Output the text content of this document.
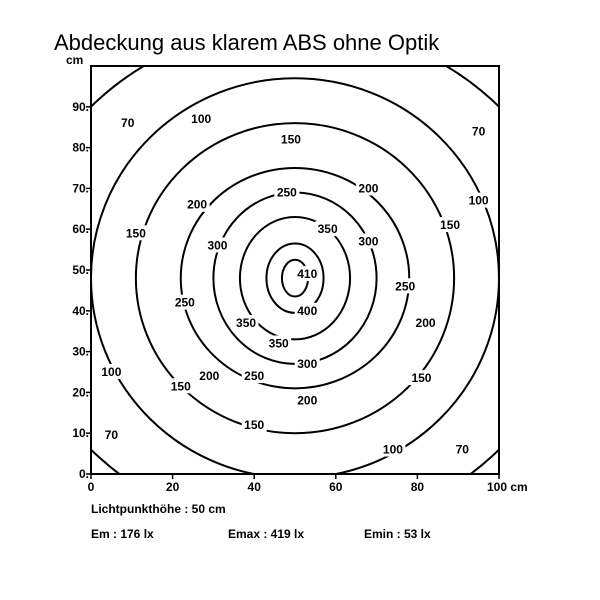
Abdeckung aus klarem ABS ohne Optik
cm
0.
10.
20.
30.
40.
50.
60.
70.
80.
90.
0	20	40	60	80	100 cm
70	100
150
70
250	200
200	100
150	350	150
300	300
410
250
250
400
200
350
350
300
100	250
200	150
150
200
150
70
100	70
Lichtpunkthöhe : 50 cm
Em : 176 lx	Emax : 419 lx	Emin : 53 lx
